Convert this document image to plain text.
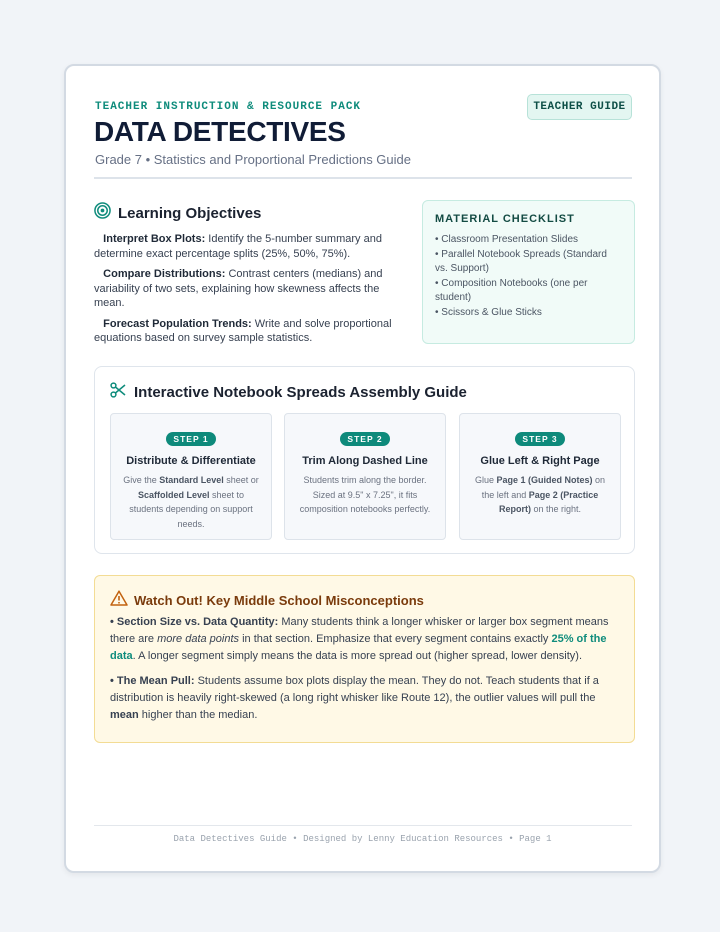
TEACHER INSTRUCTION & RESOURCE PACK	TEACHER GUIDE
DATA DETECTIVES
Grade 7 • Statistics and Proportional Predictions Guide
Learning Objectives
Interpret Box Plots: Identify the 5-number summary and determine exact percentage splits (25%, 50%, 75%).
Compare Distributions: Contrast centers (medians) and variability of two sets, explaining how skewness affects the mean.
Forecast Population Trends: Write and solve proportional equations based on survey sample statistics.
MATERIAL CHECKLIST
• Classroom Presentation Slides
• Parallel Notebook Spreads (Standard vs. Support)
• Composition Notebooks (one per student)
• Scissors & Glue Sticks
Interactive Notebook Spreads Assembly Guide
STEP 1
Distribute & Differentiate
Give the Standard Level sheet or Scaffolded Level sheet to students depending on support needs.
STEP 2
Trim Along Dashed Line
Students trim along the border. Sized at 9.5" x 7.25", it fits composition notebooks perfectly.
STEP 3
Glue Left & Right Page
Glue Page 1 (Guided Notes) on the left and Page 2 (Practice Report) on the right.
Watch Out! Key Middle School Misconceptions

• Section Size vs. Data Quantity: Many students think a longer whisker or larger box segment means there are more data points in that section. Emphasize that every segment contains exactly 25% of the data. A longer segment simply means the data is more spread out (higher spread, lower density).

• The Mean Pull: Students assume box plots display the mean. They do not. Teach students that if a distribution is heavily right-skewed (a long right whisker like Route 12), the outlier values will pull the mean higher than the median.

Data Detectives Guide • Designed by Lenny Education Resources • Page 1
